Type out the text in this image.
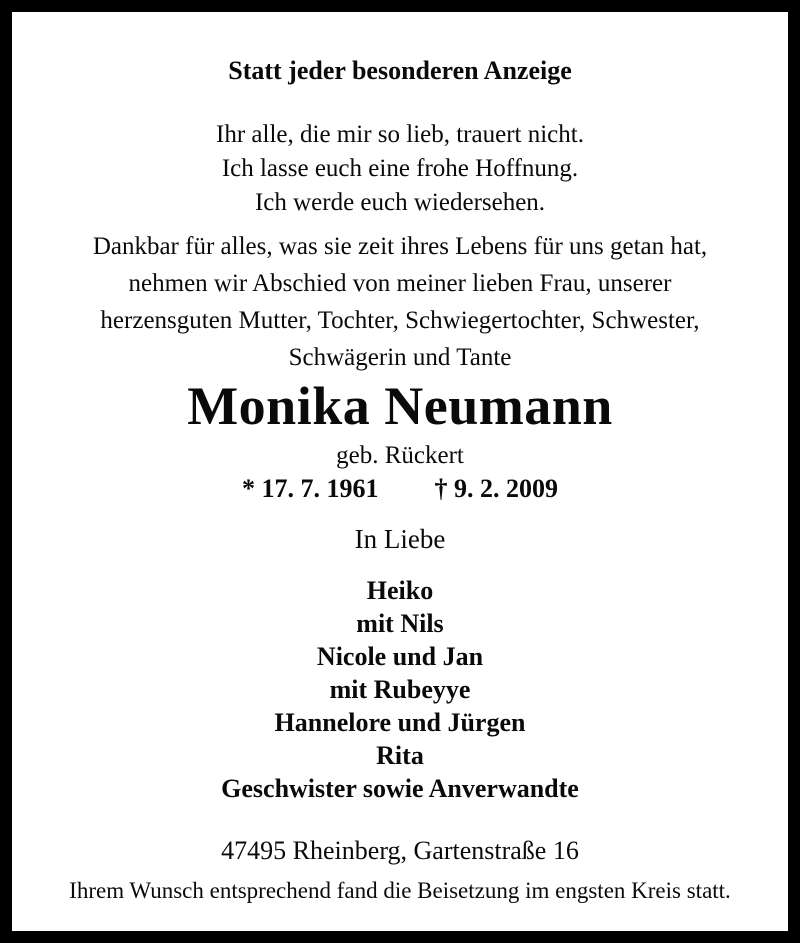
Statt jeder besonderen Anzeige
Ihr alle, die mir so lieb, trauert nicht.
Ich lasse euch eine frohe Hoffnung.
Ich werde euch wiedersehen.
Dankbar für alles, was sie zeit ihres Lebens für uns getan hat,
nehmen wir Abschied von meiner lieben Frau, unserer
herzensguten Mutter, Tochter, Schwiegertochter, Schwester,
Schwägerin und Tante
Monika Neumann
geb. Rückert
* 17. 7. 1961 † 9. 2. 2009
In Liebe
Heiko
mit Nils
Nicole und Jan
mit Rubeyye
Hannelore und Jürgen
Rita
Geschwister sowie Anverwandte
47495 Rheinberg, Gartenstraße 16
Ihrem Wunsch entsprechend fand die Beisetzung im engsten Kreis statt.
